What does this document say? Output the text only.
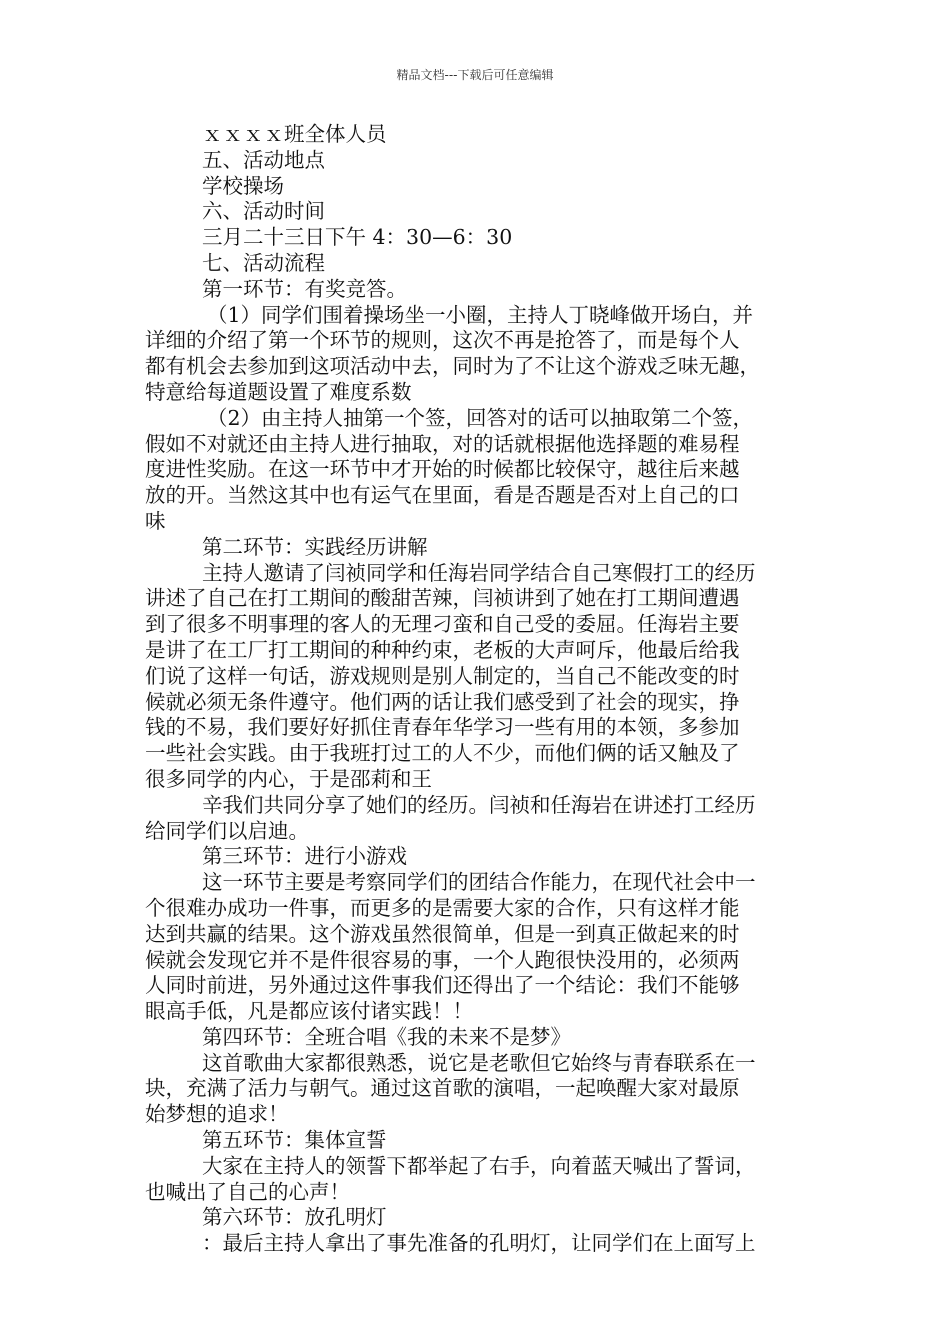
精品文档---下载后可任意编辑
ｘｘｘｘ班全体人员
五、活动地点
学校操场
六、活动时间
三月二十三日下午 4：30—6：30
七、活动流程
第一环节：有奖竞答。
（1）同学们围着操场坐一小圈，主持人丁晓峰做开场白，并
详细的介绍了第一个环节的规则，这次不再是抢答了，而是每个人
都有机会去参加到这项活动中去，同时为了不让这个游戏乏味无趣，
特意给每道题设置了难度系数
（2）由主持人抽第一个签，回答对的话可以抽取第二个签，
假如不对就还由主持人进行抽取，对的话就根据他选择题的难易程
度进性奖励。在这一环节中才开始的时候都比较保守，越往后来越
放的开。当然这其中也有运气在里面，看是否题是否对上自己的口
味
第二环节：实践经历讲解
主持人邀请了闫祯同学和任海岩同学结合自己寒假打工的经历
讲述了自己在打工期间的酸甜苦辣，闫祯讲到了她在打工期间遭遇
到了很多不明事理的客人的无理刁蛮和自己受的委屈。任海岩主要
是讲了在工厂打工期间的种种约束，老板的大声呵斥，他最后给我
们说了这样一句话，游戏规则是别人制定的，当自己不能改变的时
候就必须无条件遵守。他们两的话让我们感受到了社会的现实，挣
钱的不易，我们要好好抓住青春年华学习一些有用的本领，多参加
一些社会实践。由于我班打过工的人不少，而他们俩的话又触及了
很多同学的内心，于是邵莉和王
辛我们共同分享了她们的经历。闫祯和任海岩在讲述打工经历
给同学们以启迪。
第三环节：进行小游戏
这一环节主要是考察同学们的团结合作能力，在现代社会中一
个很难办成功一件事，而更多的是需要大家的合作，只有这样才能
达到共赢的结果。这个游戏虽然很简单，但是一到真正做起来的时
候就会发现它并不是件很容易的事，一个人跑很快没用的，必须两
人同时前进，另外通过这件事我们还得出了一个结论：我们不能够
眼高手低，凡是都应该付诸实践！！
第四环节：全班合唱《我的未来不是梦》
这首歌曲大家都很熟悉，说它是老歌但它始终与青春联系在一
块，充满了活力与朝气。通过这首歌的演唱，一起唤醒大家对最原
始梦想的追求！
第五环节：集体宣誓
大家在主持人的领誓下都举起了右手，向着蓝天喊出了誓词，
也喊出了自己的心声！
第六环节：放孔明灯
：最后主持人拿出了事先准备的孔明灯，让同学们在上面写上
